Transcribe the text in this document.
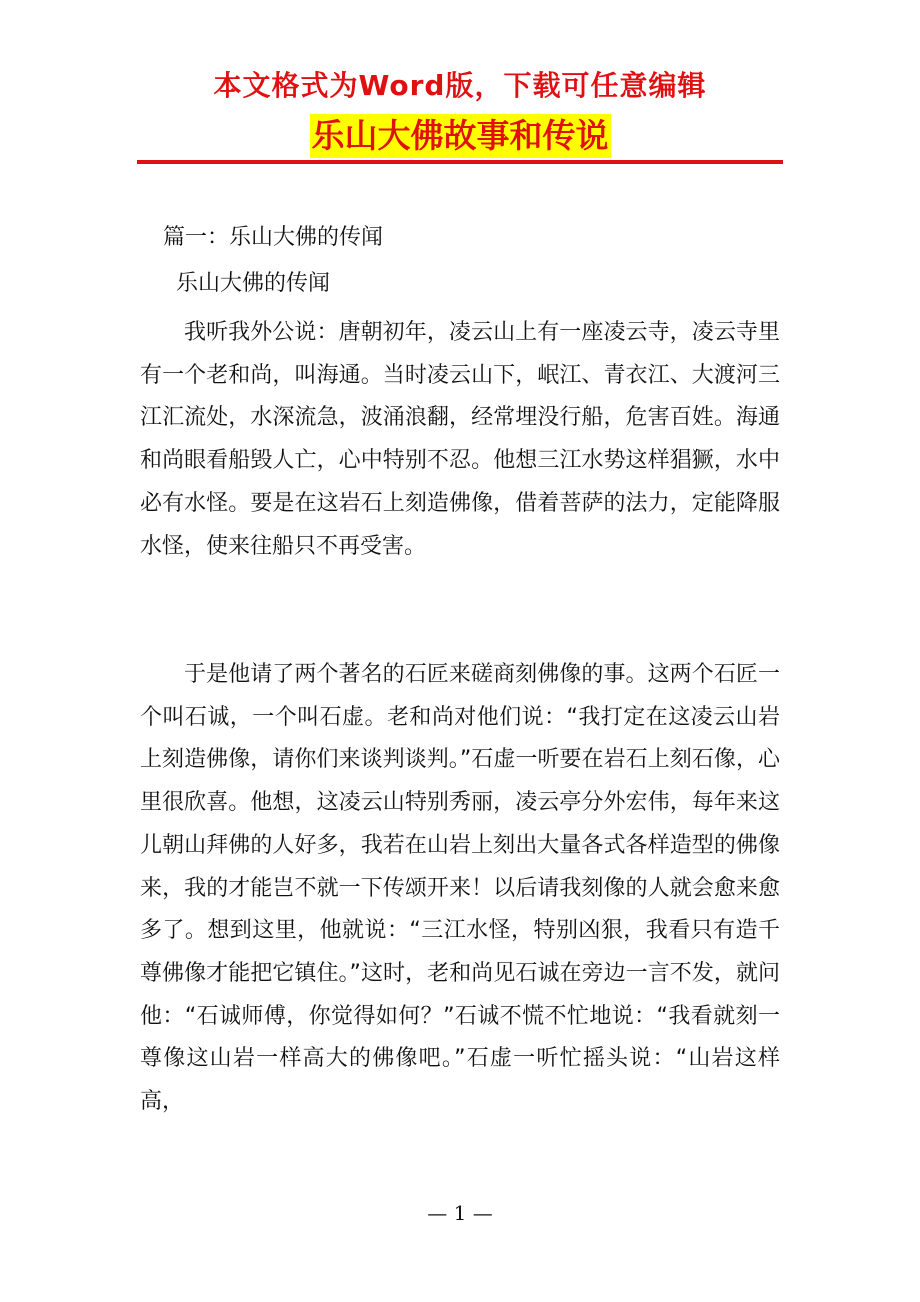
本文格式为Word版，下载可任意编辑
乐山大佛故事和传说
篇一：乐山大佛的传闻
乐山大佛的传闻

我听我外公说：唐朝初年，凌云山上有一座凌云寺，凌云寺里有一个老和尚，叫海通。当时凌云山下，岷江、青衣江、大渡河三江汇流处，水深流急，波涌浪翻，经常埋没行船，危害百姓。海通和尚眼看船毁人亡，心中特别不忍。他想三江水势这样猖獗，水中必有水怪。要是在这岩石上刻造佛像，借着菩萨的法力，定能降服水怪，使来往船只不再受害。

于是他请了两个著名的石匠来磋商刻佛像的事。这两个石匠一个叫石诚，一个叫石虚。老和尚对他们说：“我打定在这凌云山岩上刻造佛像，请你们来谈判谈判。”石虚一听要在岩石上刻石像，心里很欣喜。他想，这凌云山特别秀丽，凌云亭分外宏伟，每年来这儿朝山拜佛的人好多，我若在山岩上刻出大量各式各样造型的佛像来，我的才能岂不就一下传颂开来！以后请我刻像的人就会愈来愈多了。想到这里，他就说：“三江水怪，特别凶狠，我看只有造千尊佛像才能把它镇住。”这时，老和尚见石诚在旁边一言不发，就问他：“石诚师傅，你觉得如何？”石诚不慌不忙地说：“我看就刻一尊像这山岩一样高大的佛像吧。”石虚一听忙摇头说：“山岩这样高，

— 1 —
